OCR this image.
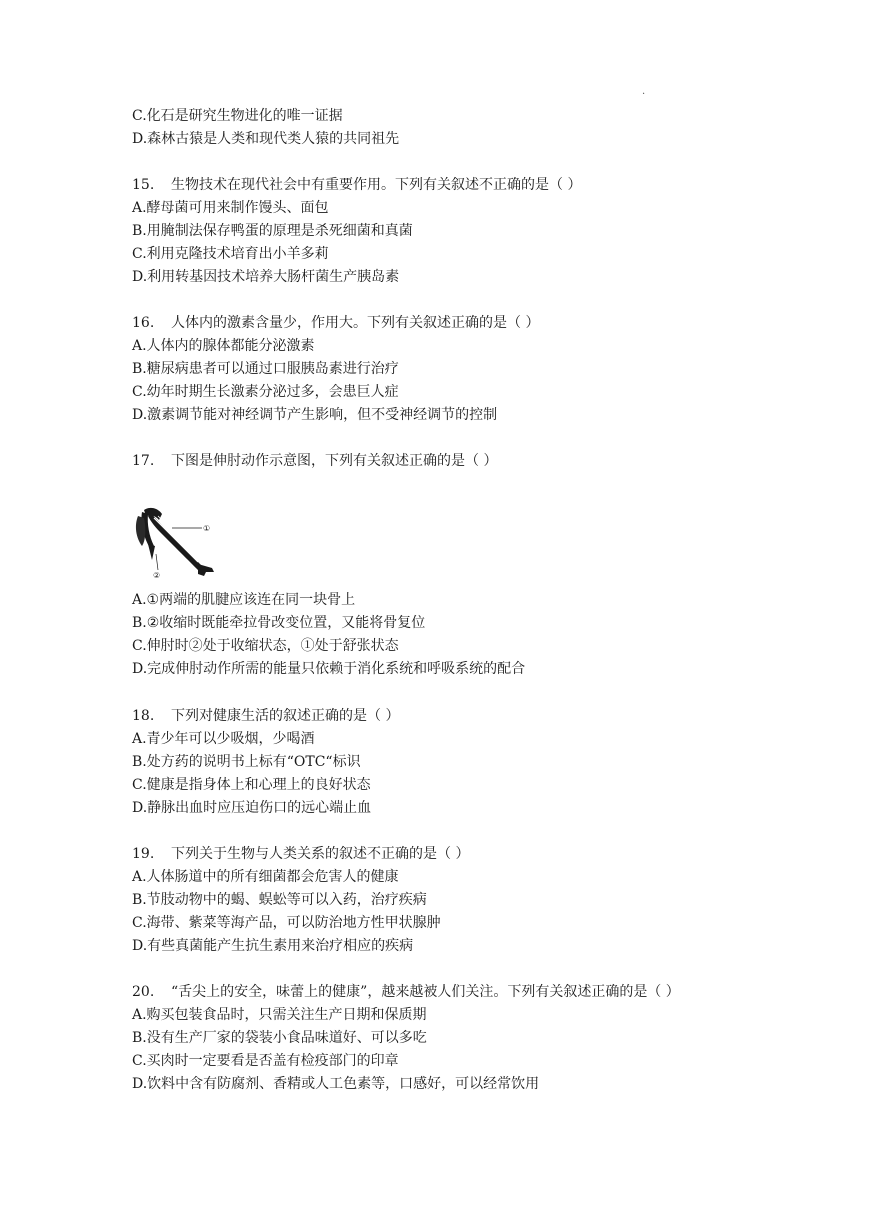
.
C.化石是研究生物进化的唯一证据
D.森林古猿是人类和现代类人猿的共同祖先
15. 生物技术在现代社会中有重要作用。下列有关叙述不正确的是（ ）
A.酵母菌可用来制作馒头、面包
B.用腌制法保存鸭蛋的原理是杀死细菌和真菌
C.利用克隆技术培育出小羊多莉
D.利用转基因技术培养大肠杆菌生产胰岛素
16. 人体内的激素含量少，作用大。下列有关叙述正确的是（ ）
A.人体内的腺体都能分泌激素
B.糖尿病患者可以通过口服胰岛素进行治疗
C.幼年时期生长激素分泌过多，会患巨人症
D.激素调节能对神经调节产生影响，但不受神经调节的控制
17. 下图是伸肘动作示意图，下列有关叙述正确的是（ ）
①
②
A.①两端的肌腱应该连在同一块骨上
B.②收缩时既能牵拉骨改变位置，又能将骨复位
C.伸肘时②处于收缩状态，①处于舒张状态
D.完成伸肘动作所需的能量只依赖于消化系统和呼吸系统的配合
18. 下列对健康生活的叙述正确的是（ ）
A.青少年可以少吸烟，少喝酒
B.处方药的说明书上标有“OTC“标识
C.健康是指身体上和心理上的良好状态
D.静脉出血时应压迫伤口的远心端止血
19. 下列关于生物与人类关系的叙述不正确的是（ ）
A.人体肠道中的所有细菌都会危害人的健康
B.节肢动物中的蝎、蜈蚣等可以入药，治疗疾病
C.海带、紫菜等海产品，可以防治地方性甲状腺肿
D.有些真菌能产生抗生素用来治疗相应的疾病
20. “舌尖上的安全，味蕾上的健康”，越来越被人们关注。下列有关叙述正确的是（ ）
A.购买包装食品时，只需关注生产日期和保质期
B.没有生产厂家的袋装小食品味道好、可以多吃
C.买肉时一定要看是否盖有检疫部门的印章
D.饮料中含有防腐剂、香精或人工色素等，口感好，可以经常饮用
